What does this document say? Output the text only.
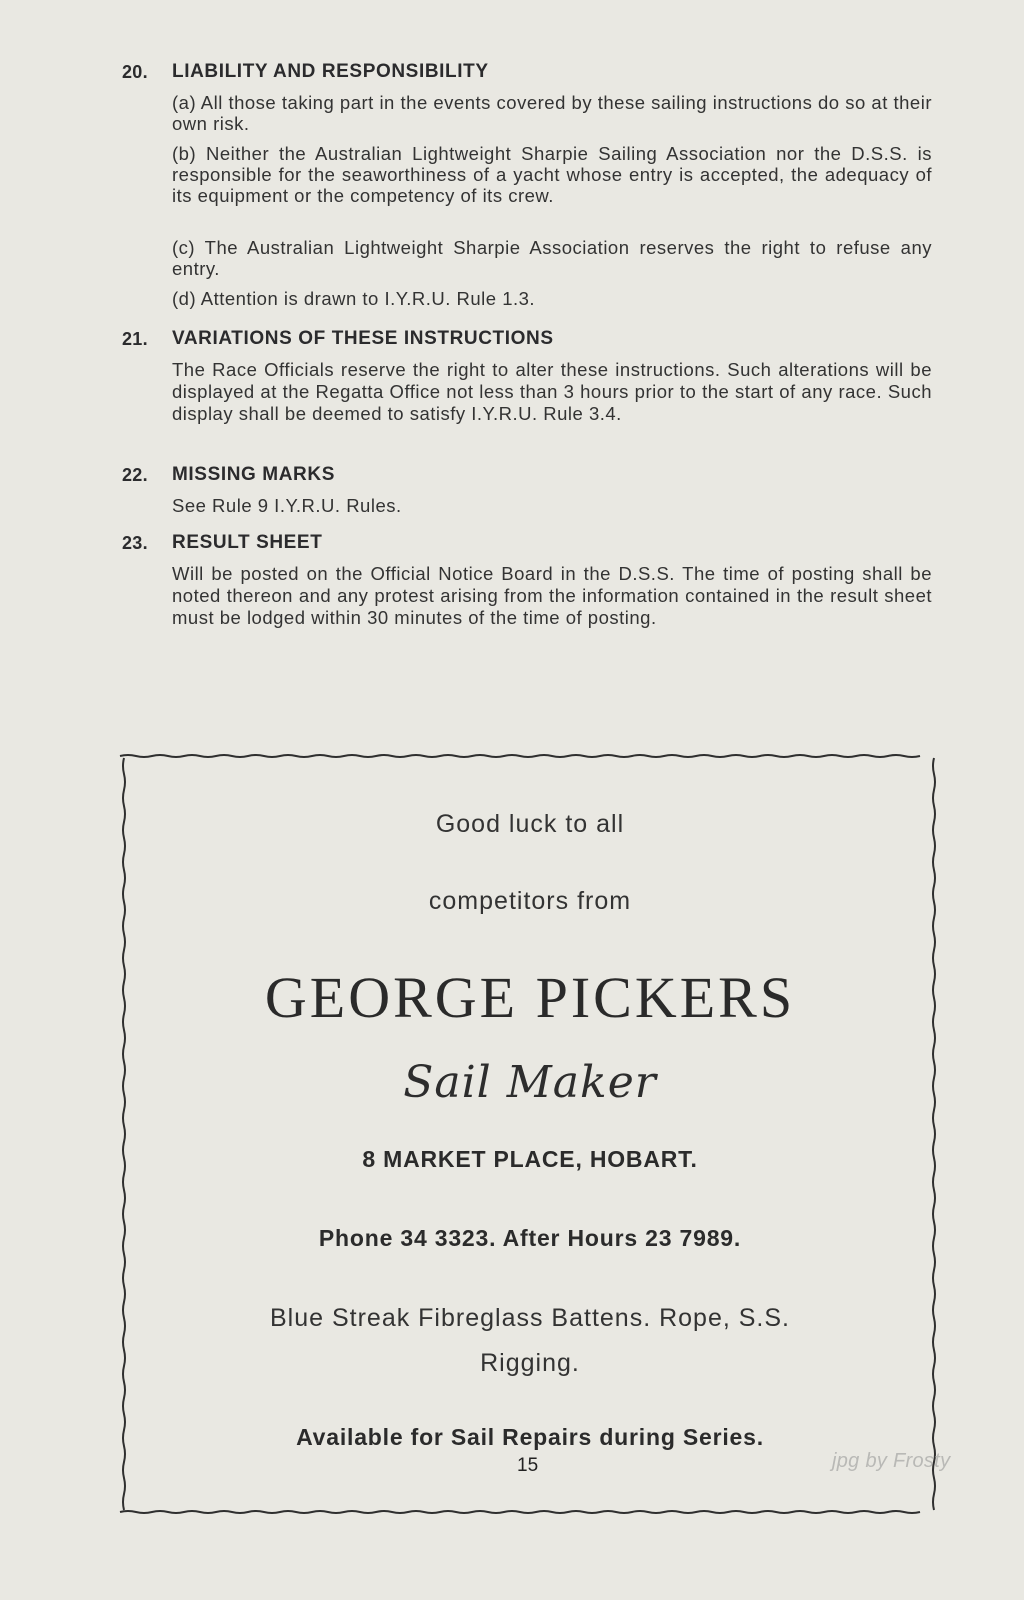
20. LIABILITY AND RESPONSIBILITY
(a) All those taking part in the events covered by these sailing instructions do so at their own risk.
(b) Neither the Australian Lightweight Sharpie Sailing Association nor the D.S.S. is responsible for the seaworthiness of a yacht whose entry is accepted, the adequacy of its equipment or the competency of its crew.
(c) The Australian Lightweight Sharpie Association reserves the right to refuse any entry.
(d) Attention is drawn to I.Y.R.U. Rule 1.3.
21. VARIATIONS OF THESE INSTRUCTIONS
The Race Officials reserve the right to alter these instructions. Such alterations will be displayed at the Regatta Office not less than 3 hours prior to the start of any race. Such display shall be deemed to satisfy I.Y.R.U. Rule 3.4.
22. MISSING MARKS
See Rule 9 I.Y.R.U. Rules.
23. RESULT SHEET
Will be posted on the Official Notice Board in the D.S.S. The time of posting shall be noted thereon and any protest arising from the information contained in the result sheet must be lodged within 30 minutes of the time of posting.
Good luck to all
competitors from
GEORGE PICKERS
Sail Maker
8 MARKET PLACE, HOBART.
Phone 34 3323. After Hours 23 7989.
Blue Streak Fibreglass Battens. Rope, S.S.
Rigging.
Available for Sail Repairs during Series.
15	jpg by Frosty
